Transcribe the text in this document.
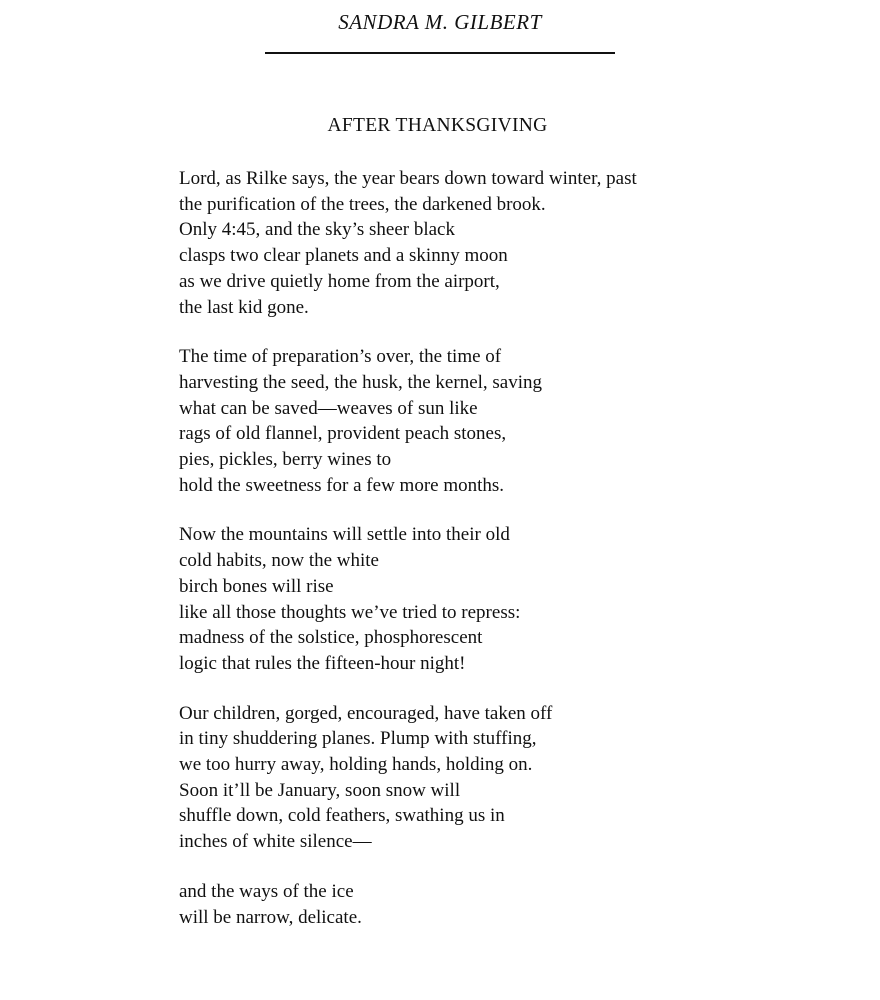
SANDRA M. GILBERT
AFTER THANKSGIVING
Lord, as Rilke says, the year bears down toward winter, past
the purification of the trees, the darkened brook.
Only 4:45, and the sky’s sheer black
clasps two clear planets and a skinny moon
as we drive quietly home from the airport,
the last kid gone.
The time of preparation’s over, the time of
harvesting the seed, the husk, the kernel, saving
what can be saved—weaves of sun like
rags of old flannel, provident peach stones,
pies, pickles, berry wines to
hold the sweetness for a few more months.
Now the mountains will settle into their old
cold habits, now the white
birch bones will rise
like all those thoughts we’ve tried to repress:
madness of the solstice, phosphorescent
logic that rules the fifteen-hour night!
Our children, gorged, encouraged, have taken off
in tiny shuddering planes. Plump with stuffing,
we too hurry away, holding hands, holding on.
Soon it’ll be January, soon snow will
shuffle down, cold feathers, swathing us in
inches of white silence—
and the ways of the ice
will be narrow, delicate.
